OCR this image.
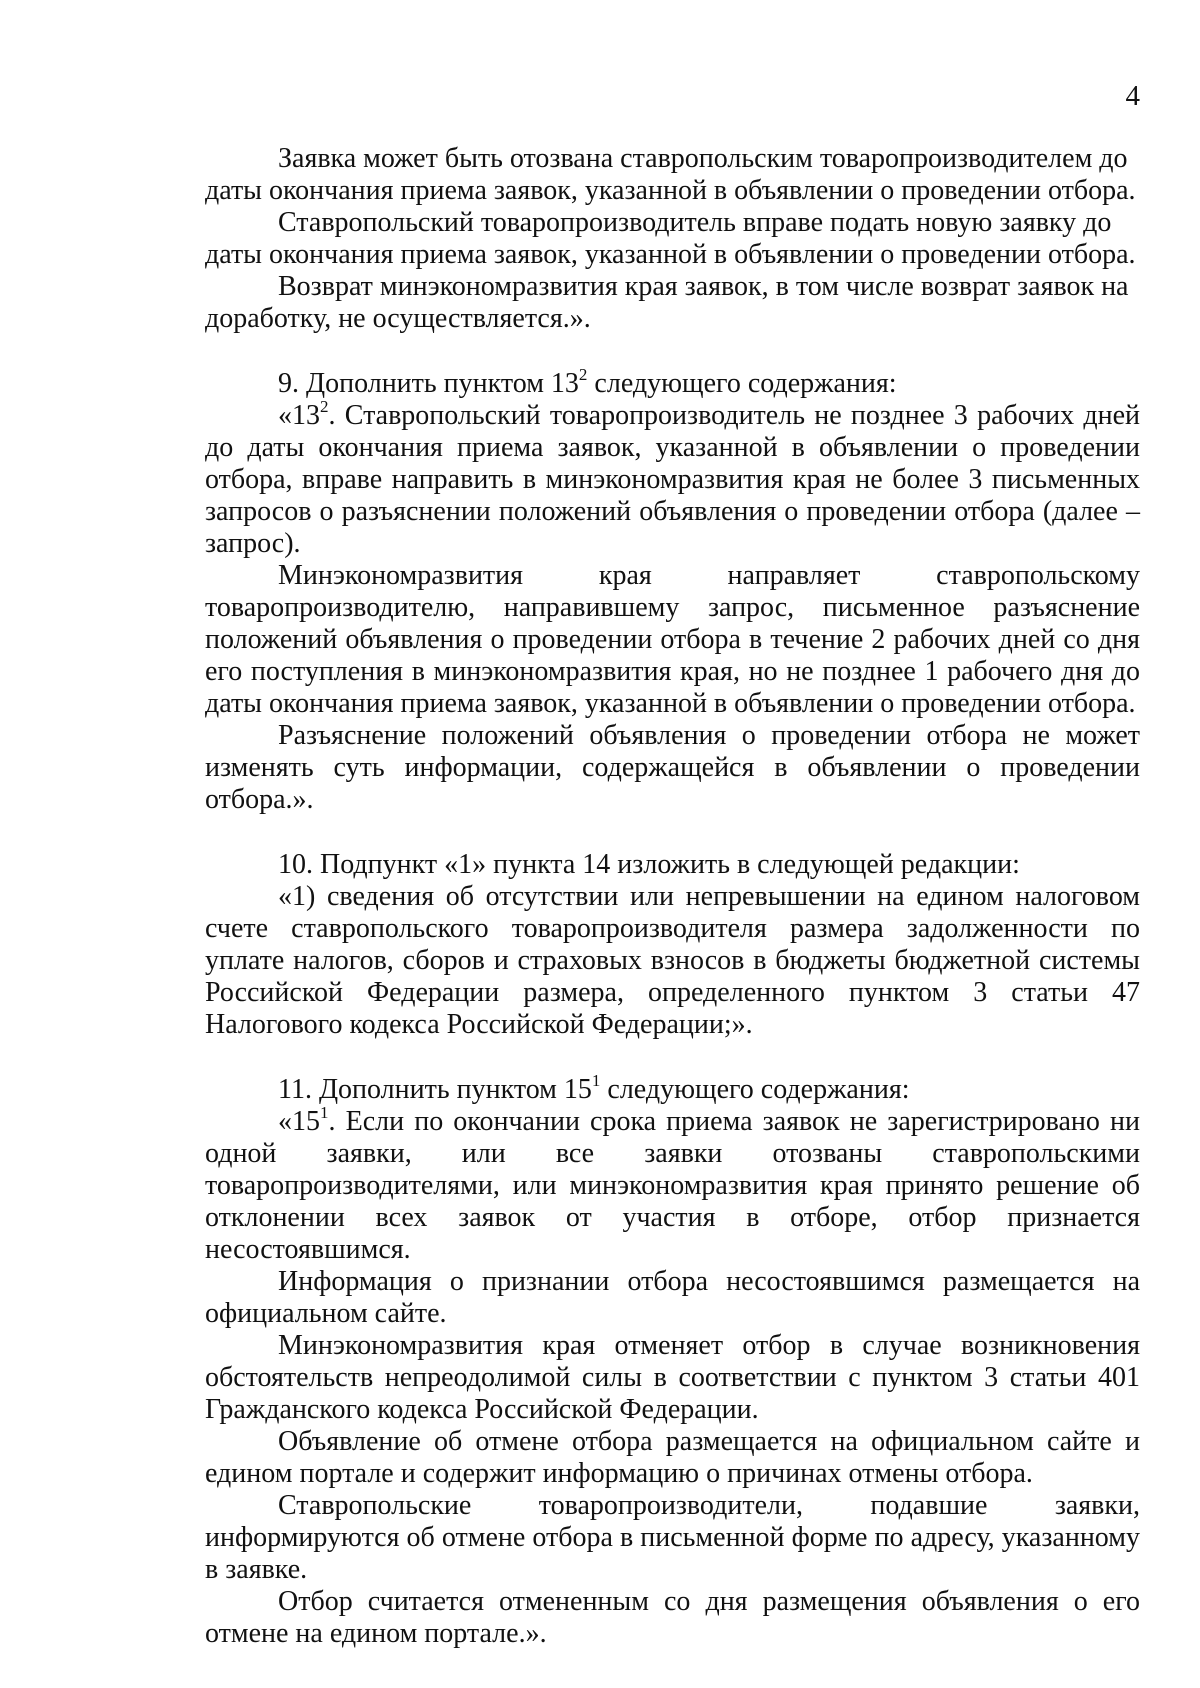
4

Заявка может быть отозвана ставропольским товаропроизводителем до
даты окончания приема заявок, указанной в объявлении о проведении отбора.

Ставропольский товаропроизводитель вправе подать новую заявку до
даты окончания приема заявок, указанной в объявлении о проведении отбора.

Возврат минэкономразвития края заявок, в том числе возврат заявок на
доработку, не осуществляется.».

9. Дополнить пунктом $13^2$ следующего содержания:

«$13^2$. Ставропольский товаропроизводитель не позднее 3 рабочих дней до даты окончания приема заявок, указанной в объявлении о проведении отбора, вправе направить в минэкономразвития края не более 3 письменных запросов о разъяснении положений объявления о проведении отбора (далее – запрос).

Минэкономразвития края направляет ставропольскому товаропроизводителю, направившему запрос, письменное разъяснение положений объявления о проведении отбора в течение 2 рабочих дней со дня его поступления в минэкономразвития края, но не позднее 1 рабочего дня до даты окончания приема заявок, указанной в объявлении о проведении отбора.

Разъяснение положений объявления о проведении отбора не может изменять суть информации, содержащейся в объявлении о проведении отбора.».

10. Подпункт «1» пункта 14 изложить в следующей редакции:

«1) сведения об отсутствии или непревышении на едином налоговом счете ставропольского товаропроизводителя размера задолженности по уплате налогов, сборов и страховых взносов в бюджеты бюджетной системы Российской Федерации размера, определенного пунктом 3 статьи 47 Налогового кодекса Российской Федерации;».

11. Дополнить пунктом $15^1$ следующего содержания:

«$15^1$. Если по окончании срока приема заявок не зарегистрировано ни одной заявки, или все заявки отозваны ставропольскими товаропроизводителями, или минэкономразвития края принято решение об отклонении всех заявок от участия в отборе, отбор признается несостоявшимся.

Информация о признании отбора несостоявшимся размещается на официальном сайте.

Минэкономразвития края отменяет отбор в случае возникновения обстоятельств непреодолимой силы в соответствии с пунктом 3 статьи 401 Гражданского кодекса Российской Федерации.

Объявление об отмене отбора размещается на официальном сайте и едином портале и содержит информацию о причинах отмены отбора.

Ставропольские товаропроизводители, подавшие заявки, информируются об отмене отбора в письменной форме по адресу, указанному в заявке.

Отбор считается отмененным со дня размещения объявления о его отмене на едином портале.».
